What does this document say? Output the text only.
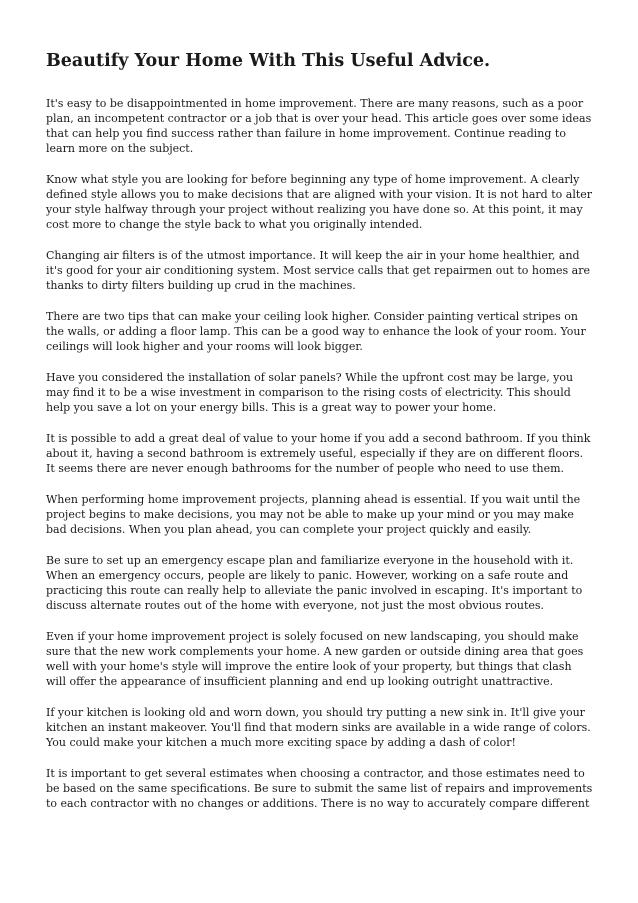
Beautify Your Home With This Useful Advice.

It's easy to be disappointmented in home improvement. There are many reasons, such as a poor plan, an incompetent contractor or a job that is over your head. This article goes over some ideas that can help you find success rather than failure in home improvement. Continue reading to learn more on the subject.

Know what style you are looking for before beginning any type of home improvement. A clearly defined style allows you to make decisions that are aligned with your vision. It is not hard to alter your style halfway through your project without realizing you have done so. At this point, it may cost more to change the style back to what you originally intended.

Changing air filters is of the utmost importance. It will keep the air in your home healthier, and it's good for your air conditioning system. Most service calls that get repairmen out to homes are thanks to dirty filters building up crud in the machines.

There are two tips that can make your ceiling look higher. Consider painting vertical stripes on the walls, or adding a floor lamp. This can be a good way to enhance the look of your room. Your ceilings will look higher and your rooms will look bigger.

Have you considered the installation of solar panels? While the upfront cost may be large, you may find it to be a wise investment in comparison to the rising costs of electricity. This should help you save a lot on your energy bills. This is a great way to power your home.

It is possible to add a great deal of value to your home if you add a second bathroom. If you think about it, having a second bathroom is extremely useful, especially if they are on different floors. It seems there are never enough bathrooms for the number of people who need to use them.

When performing home improvement projects, planning ahead is essential. If you wait until the project begins to make decisions, you may not be able to make up your mind or you may make bad decisions. When you plan ahead, you can complete your project quickly and easily.

Be sure to set up an emergency escape plan and familiarize everyone in the household with it. When an emergency occurs, people are likely to panic. However, working on a safe route and practicing this route can really help to alleviate the panic involved in escaping. It's important to discuss alternate routes out of the home with everyone, not just the most obvious routes.

Even if your home improvement project is solely focused on new landscaping, you should make sure that the new work complements your home. A new garden or outside dining area that goes well with your home's style will improve the entire look of your property, but things that clash will offer the appearance of insufficient planning and end up looking outright unattractive.

If your kitchen is looking old and worn down, you should try putting a new sink in. It'll give your kitchen an instant makeover. You'll find that modern sinks are available in a wide range of colors. You could make your kitchen a much more exciting space by adding a dash of color!

It is important to get several estimates when choosing a contractor, and those estimates need to be based on the same specifications. Be sure to submit the same list of repairs and improvements to each contractor with no changes or additions. There is no way to accurately compare different
